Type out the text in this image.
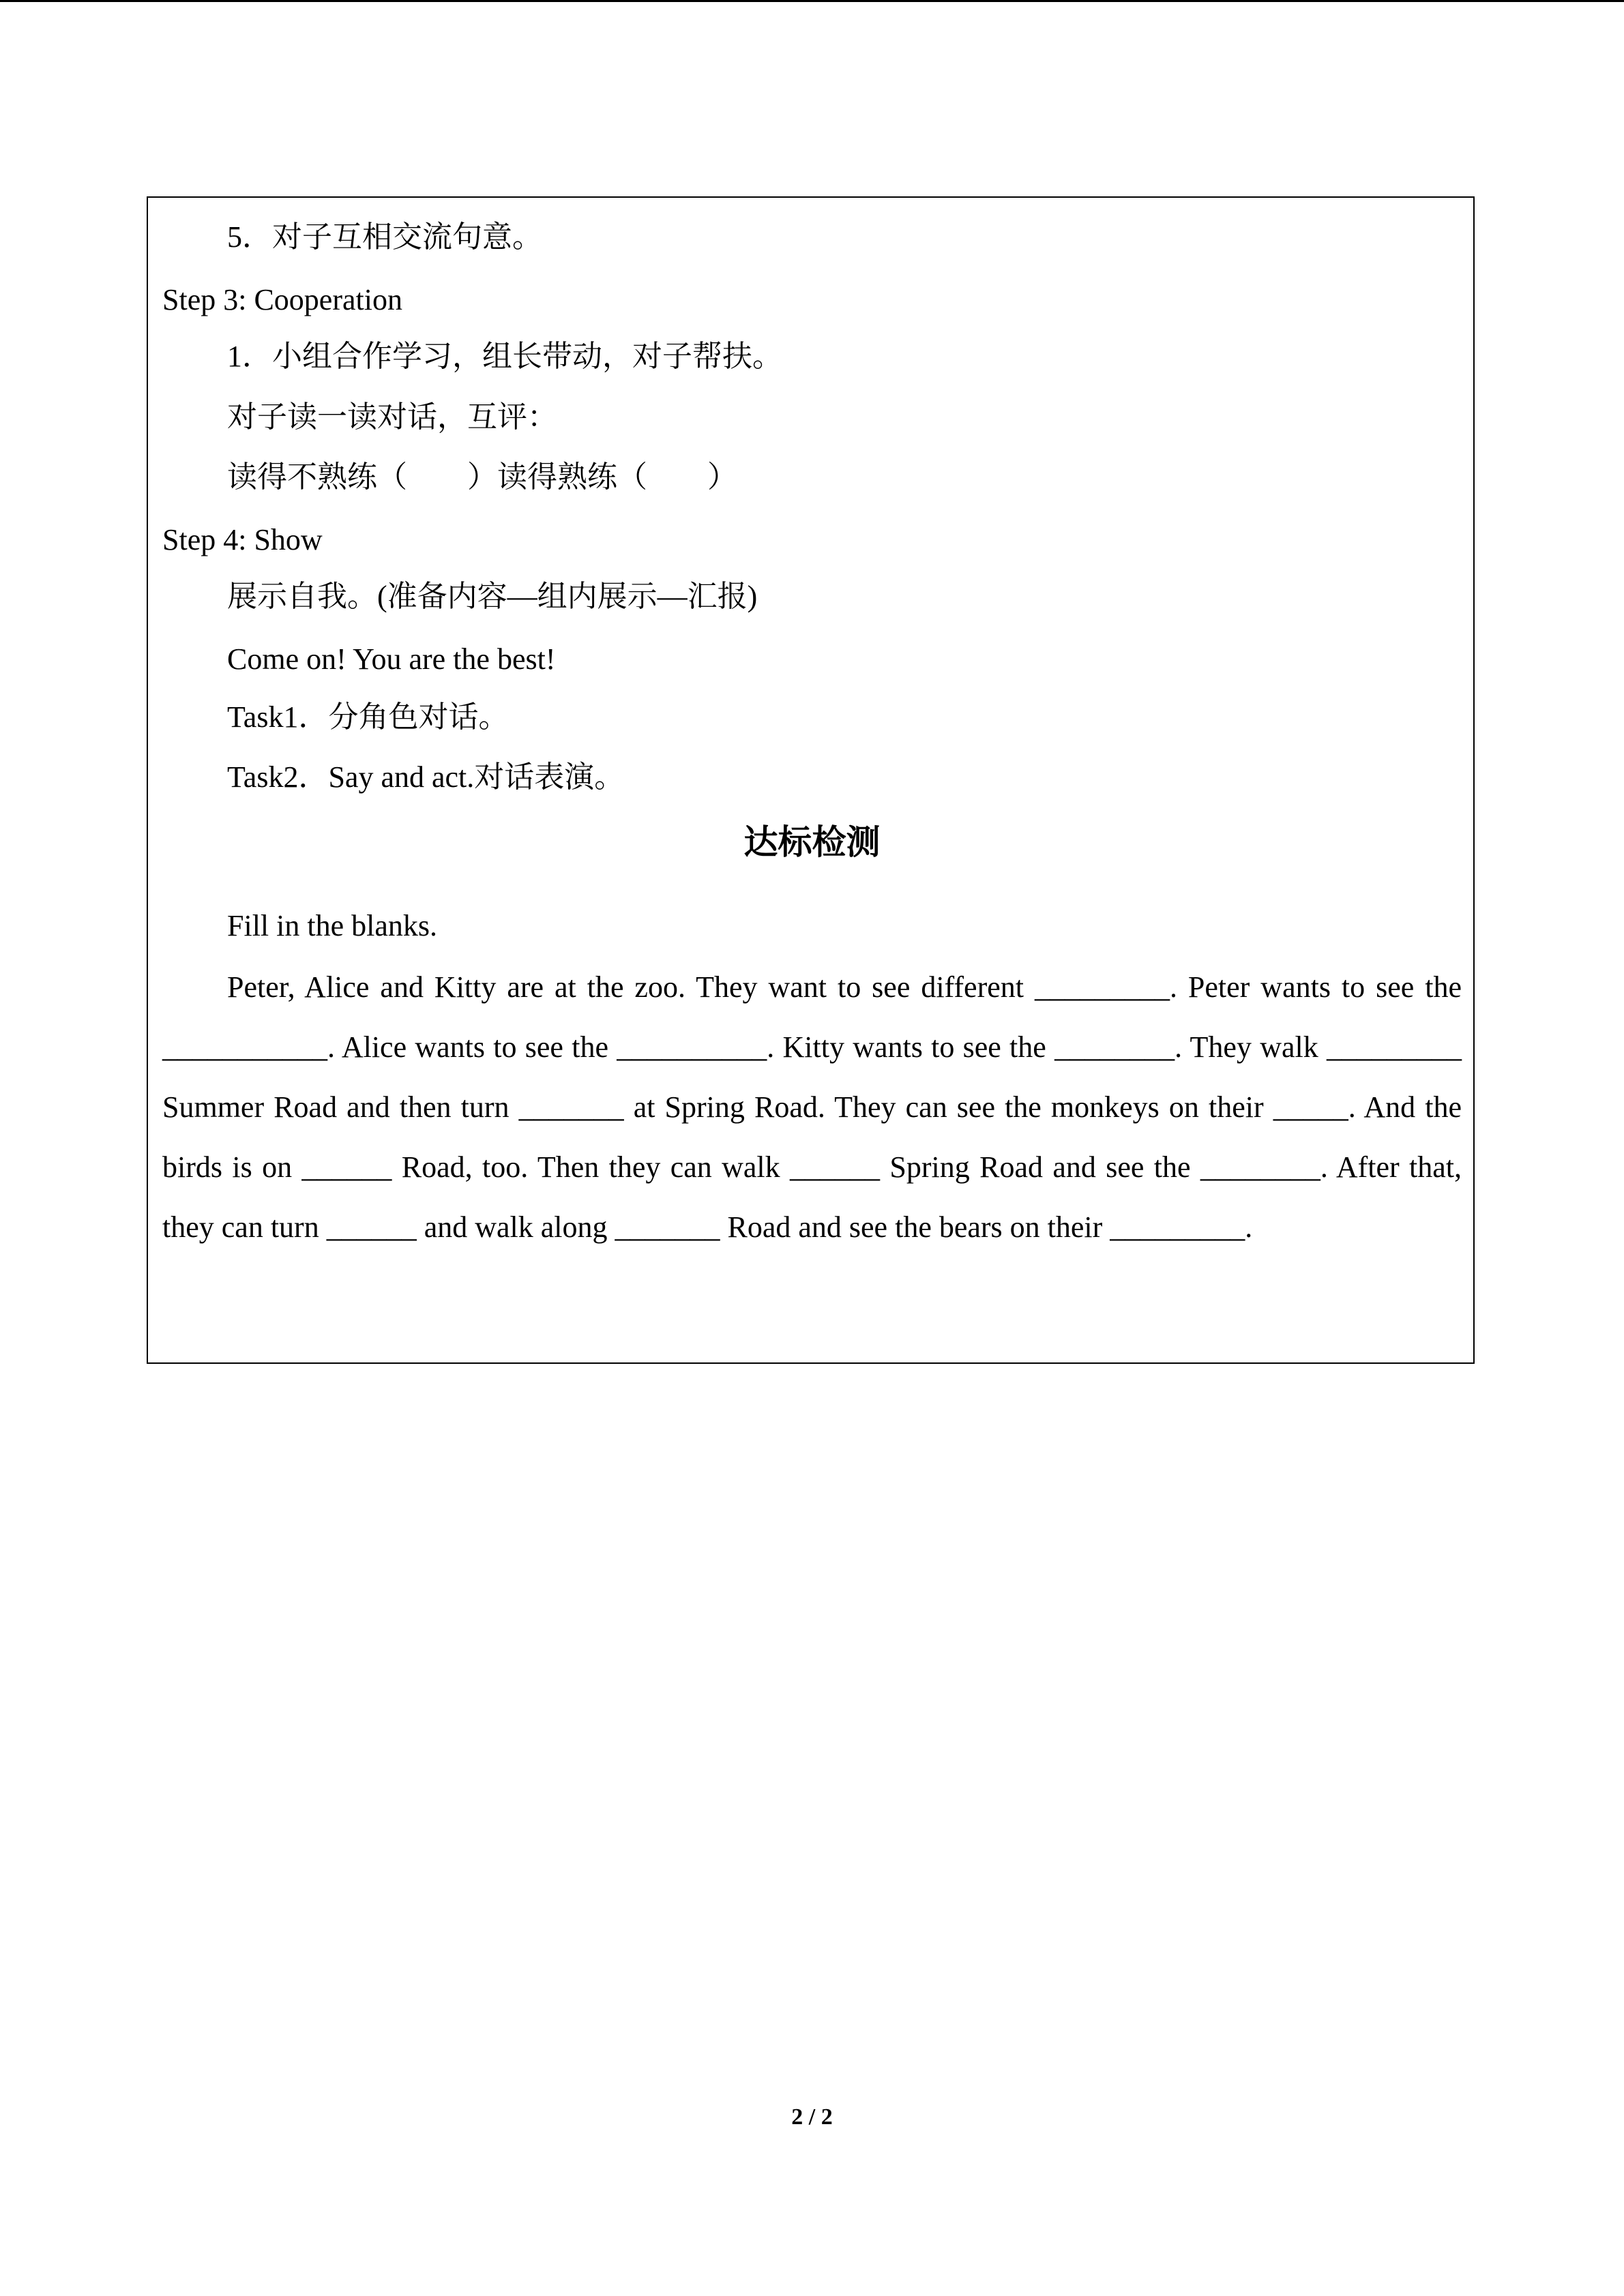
5．对子互相交流句意。
Step 3: Cooperation
1．小组合作学习，组长带动，对子帮扶。
对子读一读对话，互评：
读得不熟练（　　）读得熟练（　　）
Step 4: Show
展示自我。(准备内容—组内展示—汇报)
Come on! You are the best!
Task1．分角色对话。
Task2．Say and act.对话表演。
达标检测
Fill in the blanks.
Peter, Alice and Kitty are at the zoo. They want to see different _________. Peter wants to see the ___________. Alice wants to see the __________. Kitty wants to see the ________. They walk _________ Summer Road and then turn _______ at Spring Road. They can see the monkeys on their _____. And the birds is on ______ Road, too. Then they can walk ______ Spring Road and see the ________. After that, they can turn ______ and walk along _______ Road and see the bears on their _________.
2 / 2
